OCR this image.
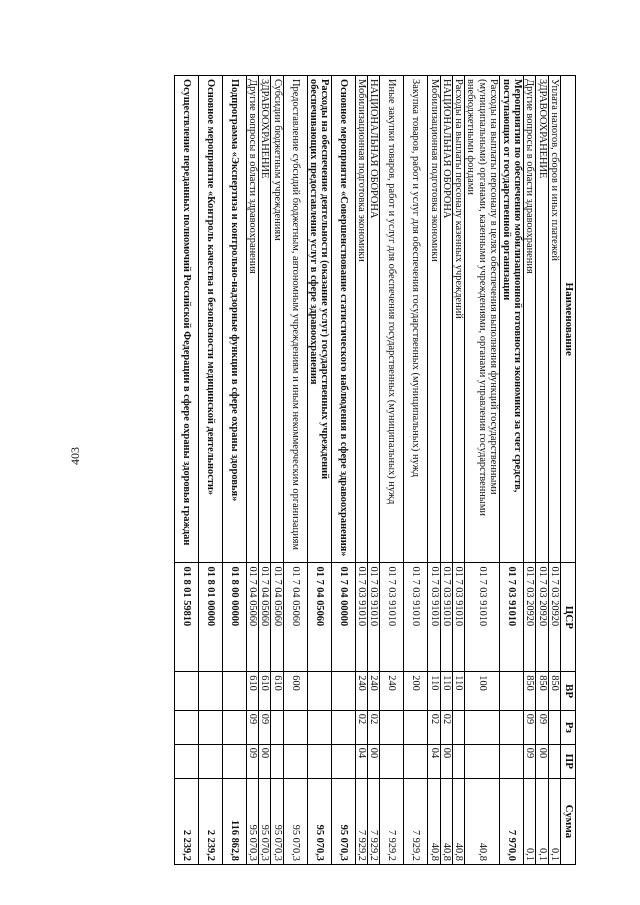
403
Наименование	ЦСР	ВР	Рз	ПР	Сумма
Уплата налогов, сборов и иных платежей	01 7 03 20920	850			0,1
ЗДРАВООХРАНЕНИЕ	01 7 03 20920	850	09	00	0,1
Другие вопросы в области здравоохранения	01 7 03 20920	850	09	09	0,1
Мероприятия по обеспечению мобилизационной готовности экономики за счет средств, поступающих от государственной организации	01 7 03 91010				7 970,0
Расходы на выплаты персоналу в целях обеспечения выполнения функций государственными (муниципальными) органами, казенными учреждениями, органами управления государственными внебюджетными фондами	01 7 03 91010	100			40,8
Расходы на выплаты персоналу казенных учреждений	01 7 03 91010	110			40,8
НАЦИОНАЛЬНАЯ ОБОРОНА	01 7 03 91010	110	02	00	40,8
Мобилизационная подготовка экономики	01 7 03 91010	110	02	04	40,8
Закупка товаров, работ и услуг для обеспечения государственных (муниципальных) нужд	01 7 03 91010	200			7 929,2
Иные закупки товаров, работ и услуг для обеспечения государственных (муниципальных) нужд	01 7 03 91010	240			7 929,2
НАЦИОНАЛЬНАЯ ОБОРОНА	01 7 03 91010	240	02	00	7 929,2
Мобилизационная подготовка экономики	01 7 03 91010	240	02	04	7 929,2
Основное мероприятие «Совершенствование статистического наблюдения в сфере здравоохранения»	01 7 04 00000				95 070,3
Расходы на обеспечение деятельности (оказание услуг) государственных учреждений обеспечивающих предоставление услуг в сфере здравоохранения	01 7 04 05060				95 070,3
Предоставление субсидий бюджетным, автономным учреждениям и иным некоммерческим организациям	01 7 04 05060	600			95 070,3
Субсидии бюджетным учреждениям	01 7 04 05060	610			95 070,3
ЗДРАВООХРАНЕНИЕ	01 7 04 05060	610	09	00	95 070,3
Другие вопросы в области здравоохранения	01 7 04 05060	610	09	09	95 070,3
Подпрограмма «Экспертиза и контрольно-надзорные функции в сфере охраны здоровья»	01 8 00 00000				116 862,8
Основное мероприятие «Контроль качества и безопасности медицинской деятельности»	01 8 01 00000				2 239,2
Осуществление переданных полномочий Российской Федерации в сфере охраны здоровья граждан	01 8 01 59810				2 239,2
